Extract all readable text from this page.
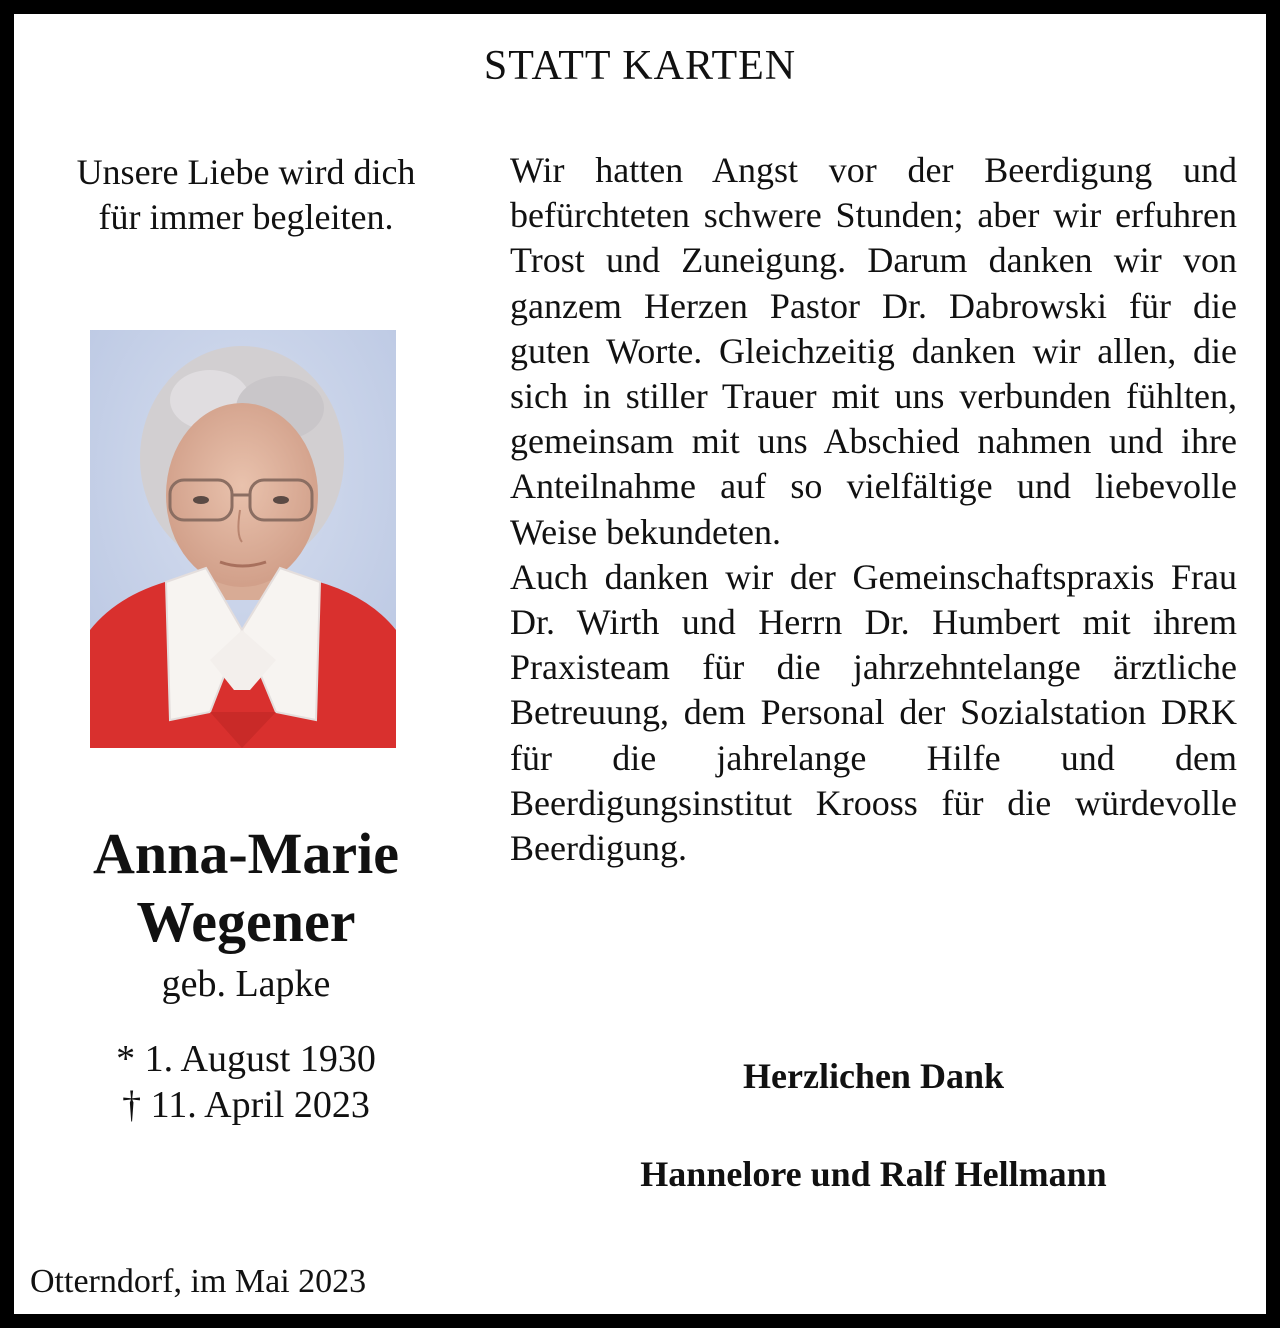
STATT KARTEN
Unsere Liebe wird dich
für immer begleiten.
Anna-Marie
Wegener
geb. Lapke
* 1. August 1930
† 11. April 2023
Otterndorf, im Mai 2023

Wir hatten Angst vor der Beerdigung und befürchteten schwere Stunden; aber wir erfuhren Trost und Zuneigung. Darum danken wir von ganzem Herzen Pastor Dr. Dabrowski für die guten Worte. Gleichzeitig danken wir allen, die sich in stiller Trauer mit uns verbunden fühlten, gemeinsam mit uns Abschied nahmen und ihre Anteilnahme auf so vielfältige und liebevolle Weise bekundeten.

Auch danken wir der Gemeinschaftspraxis Frau Dr. Wirth und Herrn Dr. Humbert mit ihrem Praxisteam für die jahrzehntelange ärztliche Betreuung, dem Personal der Sozialstation DRK für die jahrelange Hilfe und dem Beerdigungsinstitut Krooss für die würdevolle Beerdigung.

Herzlichen Dank
Hannelore und Ralf Hellmann
